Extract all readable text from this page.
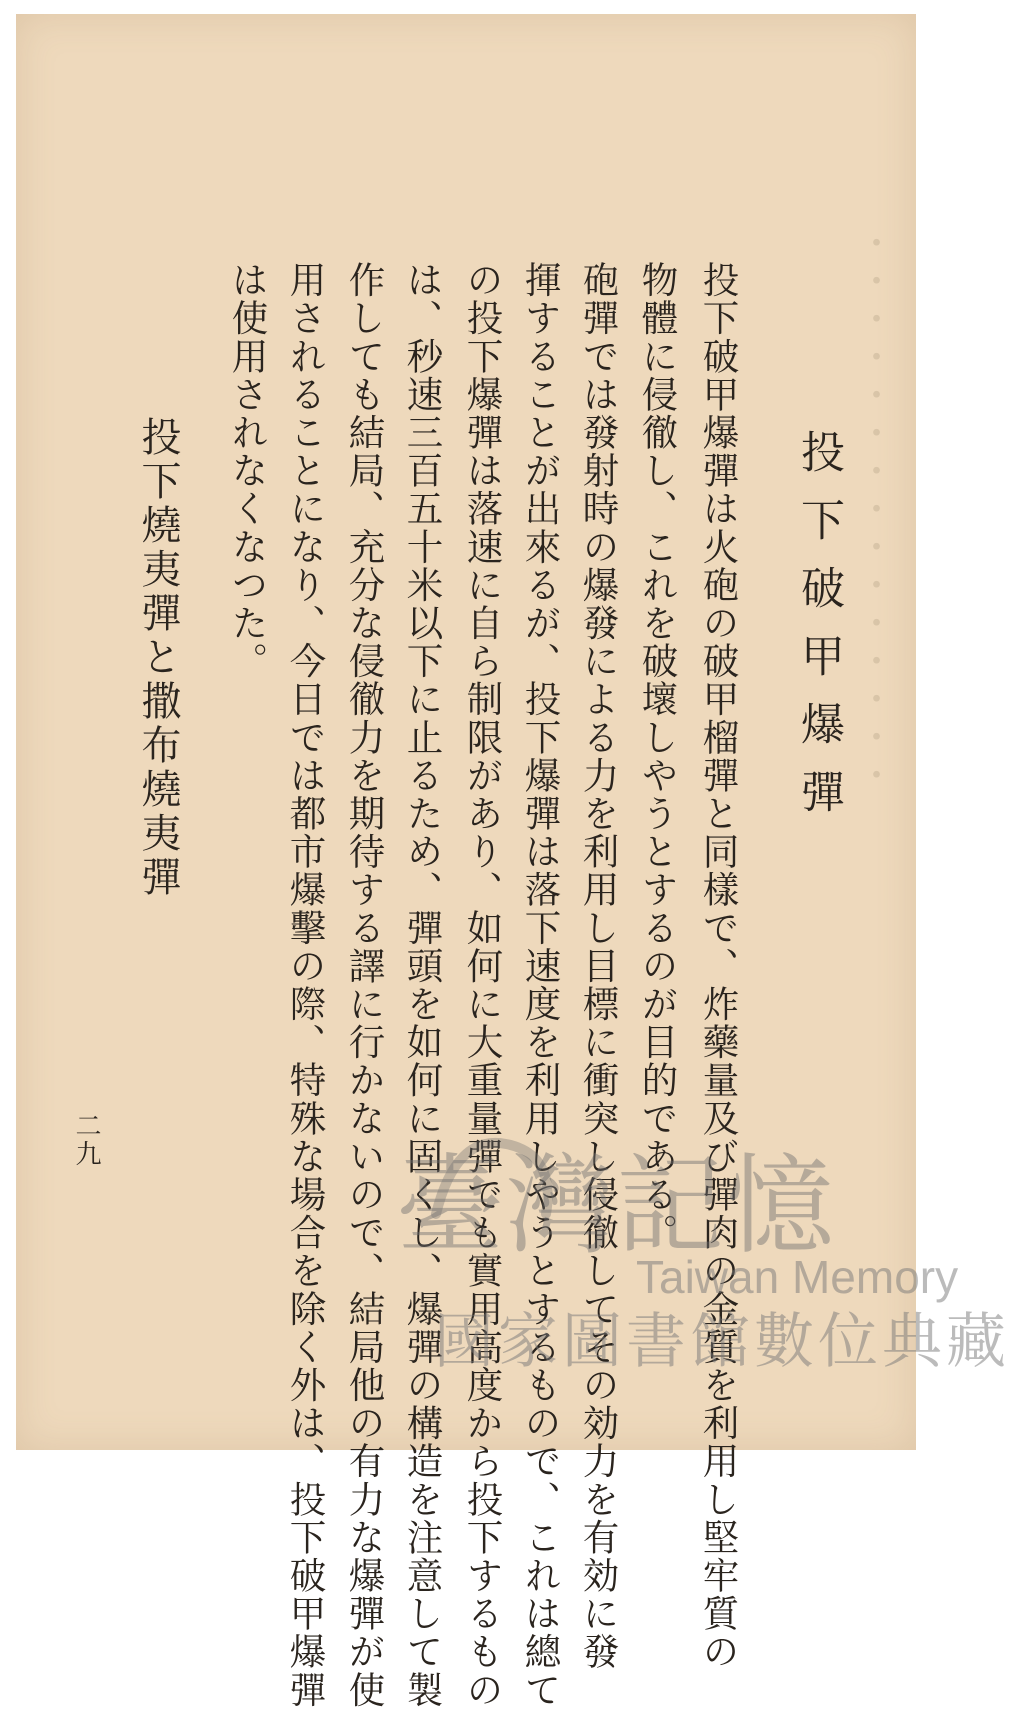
・・・・・・・・・・・・・・・
投下破甲爆彈
投下破甲爆彈は火砲の破甲榴彈と同樣で、炸藥量及び彈肉の金質を利用し堅牢質の
物體に侵徹し、これを破壞しやうとするのが目的である。
砲彈では發射時の爆發による力を利用し目標に衝突し侵徹してその効力を有効に發
揮することが出來るが、投下爆彈は落下速度を利用しやうとするもので、これは總て
の投下爆彈は落速に自ら制限があり、如何に大重量彈でも實用高度から投下するもの
は、秒速三百五十米以下に止るため、彈頭を如何に固くし、爆彈の構造を注意して製
作しても結局、充分な侵徹力を期待する譯に行かないので、結局他の有力な爆彈が使
用されることになり、今日では都市爆擊の際、特殊な場合を除く外は、投下破甲爆彈
は使用されなくなつた。
投下燒夷彈と撒布燒夷彈
二九
臺灣記憶
Taiwan Memory
國家圖書館數位典藏
